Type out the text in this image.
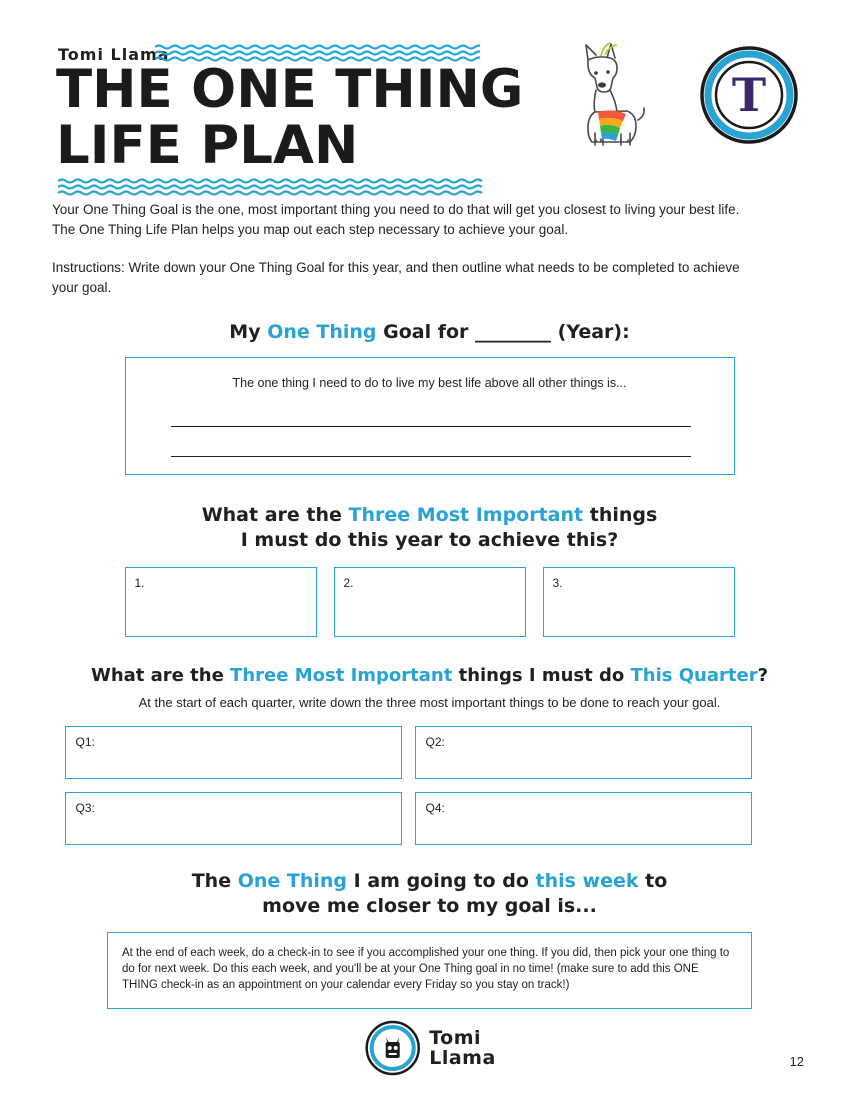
Tomi Llama
THE ONE THING
LIFE PLAN
T

Your One Thing Goal is the one, most important thing you need to do that will get you closest to living your best life. The One Thing Life Plan helps you map out each step necessary to achieve your goal.

Instructions: Write down your One Thing Goal for this year, and then outline what needs to be completed to achieve your goal.

My One Thing Goal for ________ (Year):
The one thing I need to do to live my best life above all other things is...
What are the Three Most Important things
I must do this year to achieve this?
1.	2.	3.
What are the Three Most Important things I must do This Quarter?

At the start of each quarter, write down the three most important things to be done to reach your goal.

Q1:	Q2:
Q3:	Q4:
The One Thing I am going to do this week to
move me closer to my goal is...
At the end of each week, do a check-in to see if you accomplished your one thing. If you did, then pick your one thing to do for next week. Do this each week, and you'll be at your One Thing goal in no time! (make sure to add this ONE THING check-in as an appointment on your calendar every Friday so you stay on track!)
Tomi
Llama	12
